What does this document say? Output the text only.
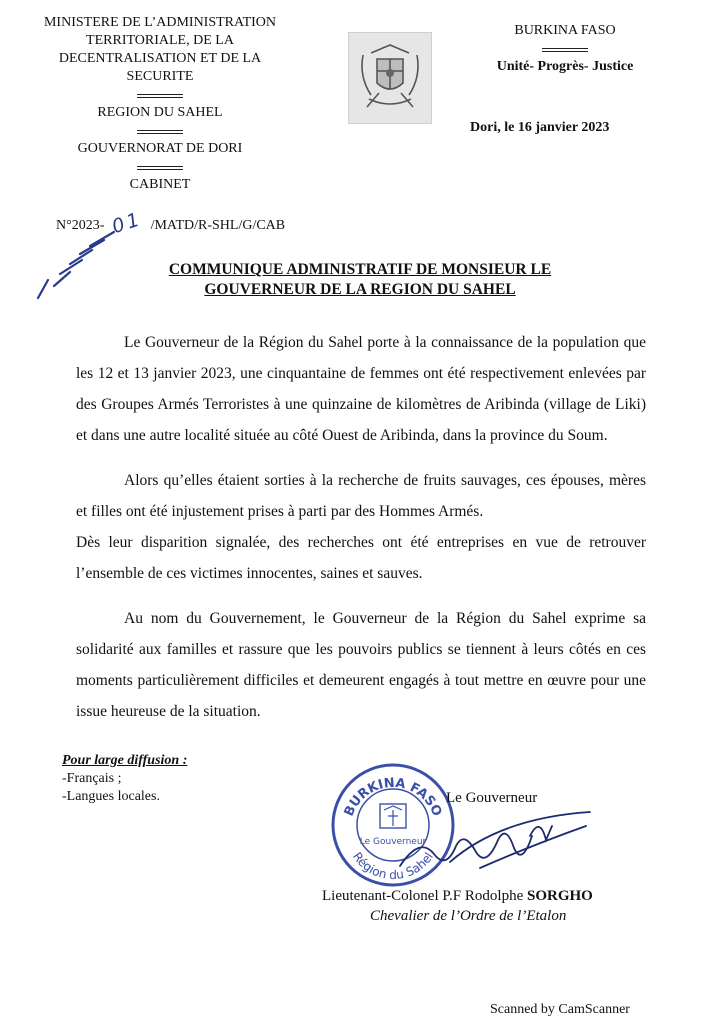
MINISTERE DE L’ADMINISTRATION TERRITORIALE, DE LA DECENTRALISATION ET DE LA SECURITE
REGION DU SAHEL
GOUVERNORAT DE DORI
CABINET
N°2023- 01 /MATD/R-SHL/G/CAB
BURKINA FASO
Unité- Progrès- Justice
Dori, le 16 janvier 2023
COMMUNIQUE ADMINISTRATIF DE MONSIEUR LE
GOUVERNEUR DE LA REGION DU SAHEL

Le Gouverneur de la Région du Sahel porte à la connaissance de la population que les 12 et 13 janvier 2023, une cinquantaine de femmes ont été respectivement enlevées par des Groupes Armés Terroristes à une quinzaine de kilomètres de Aribinda (village de Liki) et dans une autre localité située au côté Ouest de Aribinda, dans la province du Soum.

Alors qu’elles étaient sorties à la recherche de fruits sauvages, ces épouses, mères et filles ont été injustement prises à parti par des Hommes Armés.

Dès leur disparition signalée, des recherches ont été entreprises en vue de retrouver l’ensemble de ces victimes innocentes, saines et sauves.

Au nom du Gouvernement, le Gouverneur de la Région du Sahel exprime sa solidarité aux familles et rassure que les pouvoirs publics se tiennent à leurs côtés en ces moments particulièrement difficiles et demeurent engagés à tout mettre en œuvre pour une issue heureuse de la situation.

Pour large diffusion :
-Français ;
-Langues locales.
BURKINA FASO
Région du Sahel
Le Gouverneur
Le Gouverneur
Lieutenant-Colonel P.F Rodolphe SORGHO
Chevalier de l’Ordre de l’Etalon
Scanned by CamScanner
